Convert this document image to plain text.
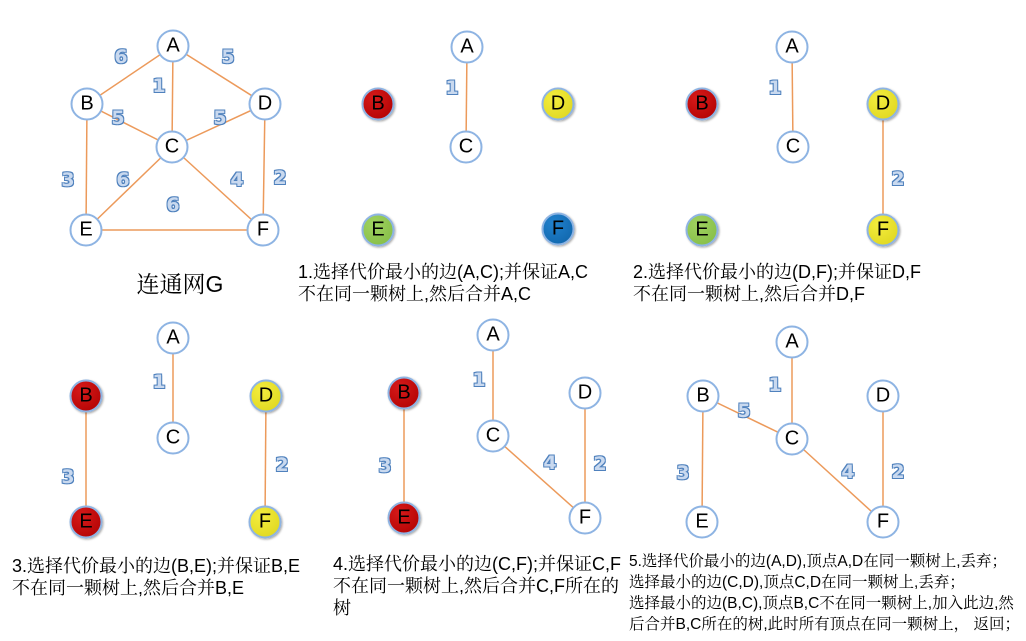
A
B	D
C
E	F
6	5
1
5	5
3 6	4 2
6
连通网G
A
B	D
C
E	F
1
1.选择代价最小的边(A,C);并保证A,C
不在同一颗树上,然后合并A,C
A
B	D
C
E	F
1
2
2.选择代价最小的边(D,F);并保证D,F
不在同一颗树上,然后合并D,F
A
B	D
C
E	F
1
3
2
3.选择代价最小的边(B,E);并保证B,E
不在同一颗树上,然后合并B,E
A
B	D
C
E	F
1
3	4 2
4.选择代价最小的边(C,F);并保证C,F
不在同一颗树上,然后合并C,F所在的
树
A
B	D
C
E	F
1
5
3	4 2
5.选择代价最小的边(A,D),顶点A,D在同一颗树上,丢弃；
选择最小的边(C,D),顶点C,D在同一颗树上,丢弃；
选择最小的边(B,C),顶点B,C不在同一颗树上,加入此边,然
后合并B,C所在的树,此时所有顶点在同一颗树上， 返回；
